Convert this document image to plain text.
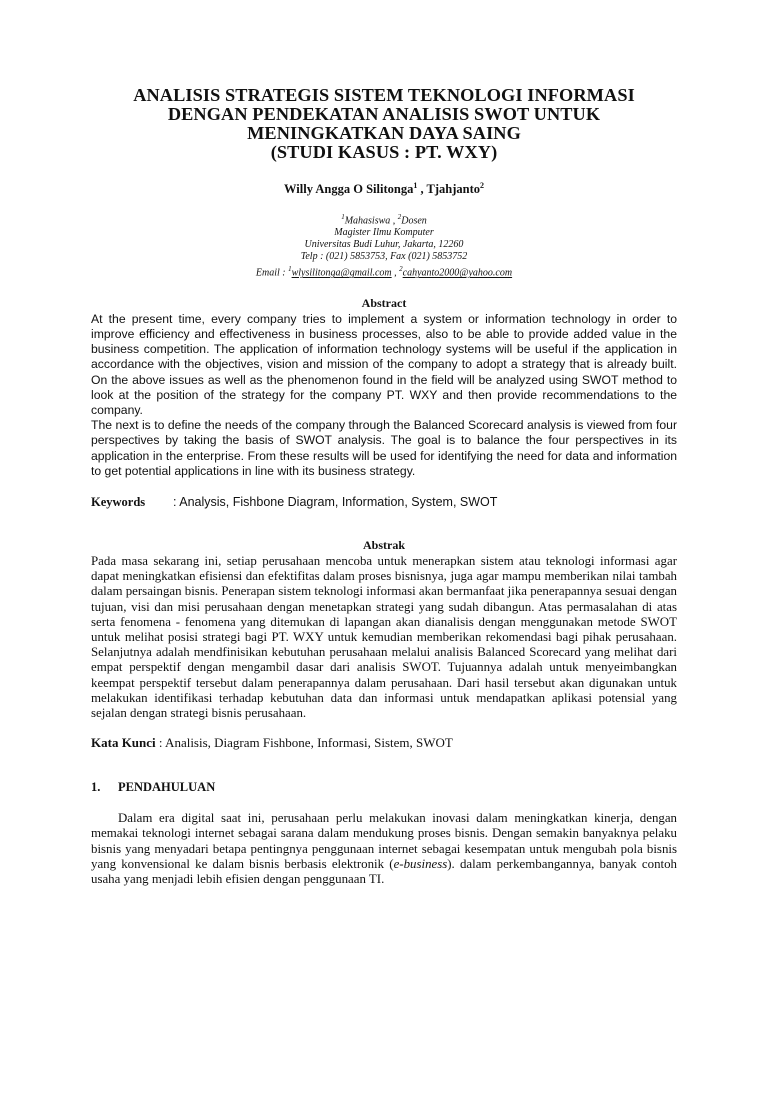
ANALISIS STRATEGIS SISTEM TEKNOLOGI INFORMASI
DENGAN PENDEKATAN ANALISIS SWOT UNTUK
MENINGKATKAN DAYA SAING
(STUDI KASUS : PT. WXY)
Willy Angga O Silitonga$^1$ , Tjahjanto$^2$
$^1$Mahasiswa , $^2$Dosen
Magister Ilmu Komputer
Universitas Budi Luhur, Jakarta, 12260
Telp : (021) 5853753, Fax (021) 5853752
Email : $^1$wlysilitonga@gmail.com , $^2$cahyanto2000@yahoo.com
Abstract

At the present time, every company tries to implement a system or information technology in order to improve efficiency and effectiveness in business processes, also to be able to provide added value in the business competition. The application of information technology systems will be useful if the application in accordance with the objectives, vision and mission of the company to adopt a strategy that is already built. On the above issues as well as the phenomenon found in the field will be analyzed using SWOT method to look at the position of the strategy for the company PT. WXY and then provide recommendations to the company.

The next is to define the needs of the company through the Balanced Scorecard analysis is viewed from four perspectives by taking the basis of SWOT analysis. The goal is to balance the four perspectives in its application in the enterprise. From these results will be used for identifying the need for data and information to get potential applications in line with its business strategy.

Keywords : Analysis, Fishbone Diagram, Information, System, SWOT
Abstrak
Pada masa sekarang ini, setiap perusahaan mencoba untuk menerapkan sistem atau teknologi informasi agar dapat meningkatkan efisiensi dan efektifitas dalam proses bisnisnya, juga agar mampu memberikan nilai tambah dalam persaingan bisnis. Penerapan sistem teknologi informasi akan bermanfaat jika penerapannya sesuai dengan tujuan, visi dan misi perusahaan dengan menetapkan strategi yang sudah dibangun. Atas permasalahan di atas serta fenomena - fenomena yang ditemukan di lapangan akan dianalisis dengan menggunakan metode SWOT untuk melihat posisi strategi bagi PT. WXY untuk kemudian memberikan rekomendasi bagi pihak perusahaan. Selanjutnya adalah mendfinisikan kebutuhan perusahaan melalui analisis Balanced Scorecard yang melihat dari empat perspektif dengan mengambil dasar dari analisis SWOT. Tujuannya adalah untuk menyeimbangkan keempat perspektif tersebut dalam penerapannya dalam perusahaan. Dari hasil tersebut akan digunakan untuk melakukan identifikasi terhadap kebutuhan data dan informasi untuk mendapatkan aplikasi potensial yang sejalan dengan strategi bisnis perusahaan.
Kata Kunci : Analisis, Diagram Fishbone, Informasi, Sistem, SWOT
1. PENDAHULUAN
Dalam era digital saat ini, perusahaan perlu melakukan inovasi dalam meningkatkan kinerja, dengan memakai teknologi internet sebagai sarana dalam mendukung proses bisnis. Dengan semakin banyaknya pelaku bisnis yang menyadari betapa pentingnya penggunaan internet sebagai kesempatan untuk mengubah pola bisnis yang konvensional ke dalam bisnis berbasis elektronik (e-business). dalam perkembangannya, banyak contoh usaha yang menjadi lebih efisien dengan penggunaan TI.
